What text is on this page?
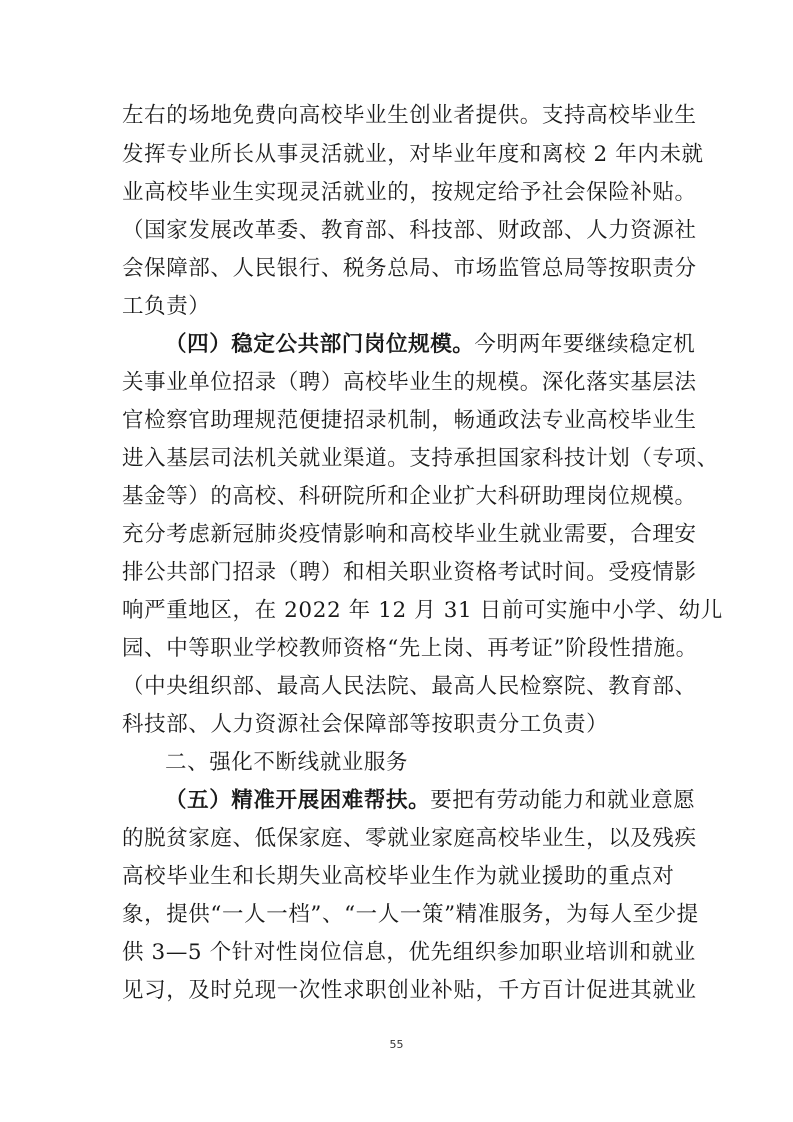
左右的场地免费向高校毕业生创业者提供。支持高校毕业生
发挥专业所长从事灵活就业，对毕业年度和离校 2 年内未就
业高校毕业生实现灵活就业的，按规定给予社会保险补贴。
（国家发展改革委、教育部、科技部、财政部、人力资源社
会保障部、人民银行、税务总局、市场监管总局等按职责分
工负责）
（四）稳定公共部门岗位规模。今明两年要继续稳定机
关事业单位招录（聘）高校毕业生的规模。深化落实基层法
官检察官助理规范便捷招录机制，畅通政法专业高校毕业生
进入基层司法机关就业渠道。支持承担国家科技计划（专项、
基金等）的高校、科研院所和企业扩大科研助理岗位规模。
充分考虑新冠肺炎疫情影响和高校毕业生就业需要，合理安
排公共部门招录（聘）和相关职业资格考试时间。受疫情影
响严重地区，在 2022 年 12 月 31 日前可实施中小学、幼儿
园、中等职业学校教师资格“先上岗、再考证”阶段性措施。
（中央组织部、最高人民法院、最高人民检察院、教育部、
科技部、人力资源社会保障部等按职责分工负责）
二、强化不断线就业服务
（五）精准开展困难帮扶。要把有劳动能力和就业意愿
的脱贫家庭、低保家庭、零就业家庭高校毕业生，以及残疾
高校毕业生和长期失业高校毕业生作为就业援助的重点对
象，提供“一人一档”、“一人一策”精准服务，为每人至少提
供 3—5 个针对性岗位信息，优先组织参加职业培训和就业
见习，及时兑现一次性求职创业补贴，千方百计促进其就业
55
